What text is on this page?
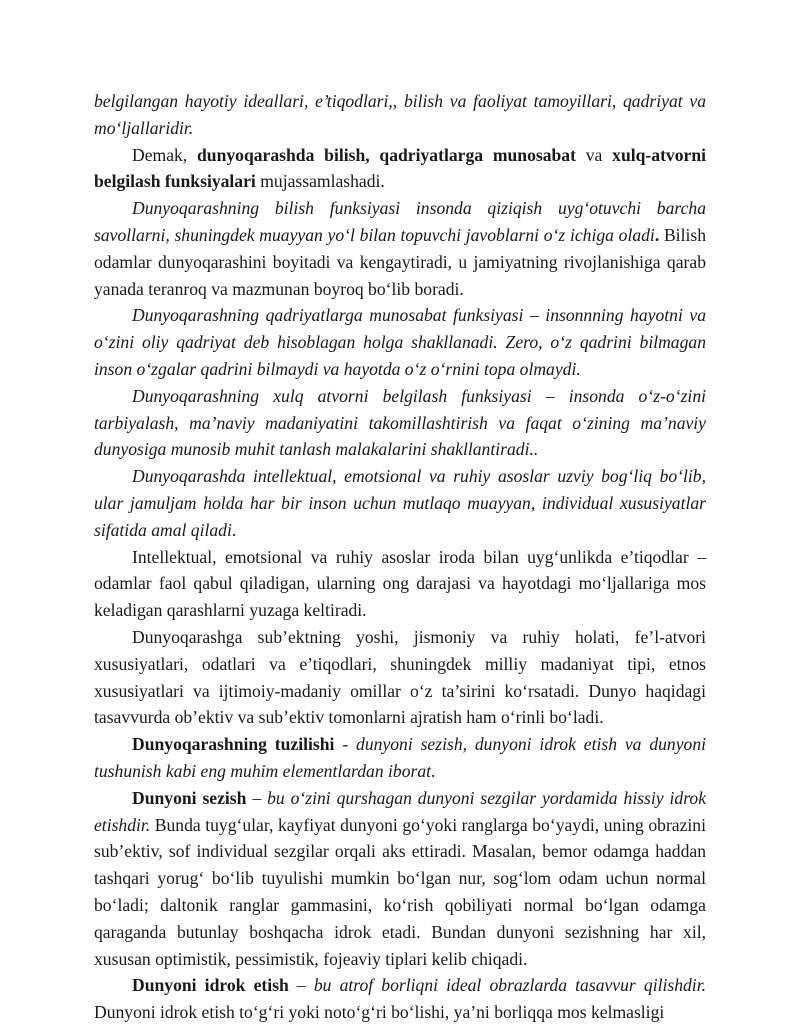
belgilangan hayotiy ideallari, e’tiqodlari,, bilish va faoliyat tamoyillari, qadriyat va mo‘ljallaridir.

Demak, dunyoqarashda bilish, qadriyatlarga munosabat va xulq-atvorni belgilash funksiyalari mujassamlashadi.

Dunyoqarashning bilish funksiyasi insonda qiziqish uyg‘otuvchi barcha savollarni, shuningdek muayyan yo‘l bilan topuvchi javoblarni o‘z ichiga oladi. Bilish odamlar dunyoqarashini boyitadi va kengaytiradi, u jamiyatning rivojlanishiga qarab yanada teranroq va mazmunan boyroq bo‘lib boradi.

Dunyoqarashning qadriyatlarga munosabat funksiyasi – insonnning hayotni va o‘zini oliy qadriyat deb hisoblagan holga shakllanadi. Zero, o‘z qadrini bilmagan inson o‘zgalar qadrini bilmaydi va hayotda o‘z o‘rnini topa olmaydi.

Dunyoqarashning xulq atvorni belgilash funksiyasi – insonda o‘z-o‘zini tarbiyalash, ma’naviy madaniyatini takomillashtirish va faqat o‘zining ma’naviy dunyosiga munosib muhit tanlash malakalarini shakllantiradi..

Dunyoqarashda intellektual, emotsional va ruhiy asoslar uzviy bog‘liq bo‘lib, ular jamuljam holda har bir inson uchun mutlaqo muayyan, individual xususiyatlar sifatida amal qiladi.

Intellektual, emotsional va ruhiy asoslar iroda bilan uyg‘unlikda e’tiqodlar – odamlar faol qabul qiladigan, ularning ong darajasi va hayotdagi mo‘ljallariga mos keladigan qarashlarni yuzaga keltiradi.

Dunyoqarashga sub’ektning yoshi, jismoniy va ruhiy holati, fe’l-atvori xususiyatlari, odatlari va e’tiqodlari, shuningdek milliy madaniyat tipi, etnos xususiyatlari va ijtimoiy-madaniy omillar o‘z ta’sirini ko‘rsatadi. Dunyo haqidagi tasavvurda ob’ektiv va sub’ektiv tomonlarni ajratish ham o‘rinli bo‘ladi.

Dunyoqarashning tuzilishi - dunyoni sezish, dunyoni idrok etish va dunyoni tushunish kabi eng muhim elementlardan iborat.

Dunyoni sezish – bu o‘zini qurshagan dunyoni sezgilar yordamida hissiy idrok etishdir. Bunda tuyg‘ular, kayfiyat dunyoni go‘yoki ranglarga bo‘yaydi, uning obrazini sub’ektiv, sof individual sezgilar orqali aks ettiradi. Masalan, bemor odamga haddan tashqari yorug‘ bo‘lib tuyulishi mumkin bo‘lgan nur, sog‘lom odam uchun normal bo‘ladi; daltonik ranglar gammasini, ko‘rish qobiliyati normal bo‘lgan odamga qaraganda butunlay boshqacha idrok etadi. Bundan dunyoni sezishning har xil, xususan optimistik, pessimistik, fojeaviy tiplari kelib chiqadi.

Dunyoni idrok etish – bu atrof borliqni ideal obrazlarda tasavvur qilishdir. Dunyoni idrok etish to‘g‘ri yoki noto‘g‘ri bo‘lishi, ya’ni borliqqa mos kelmasligi
